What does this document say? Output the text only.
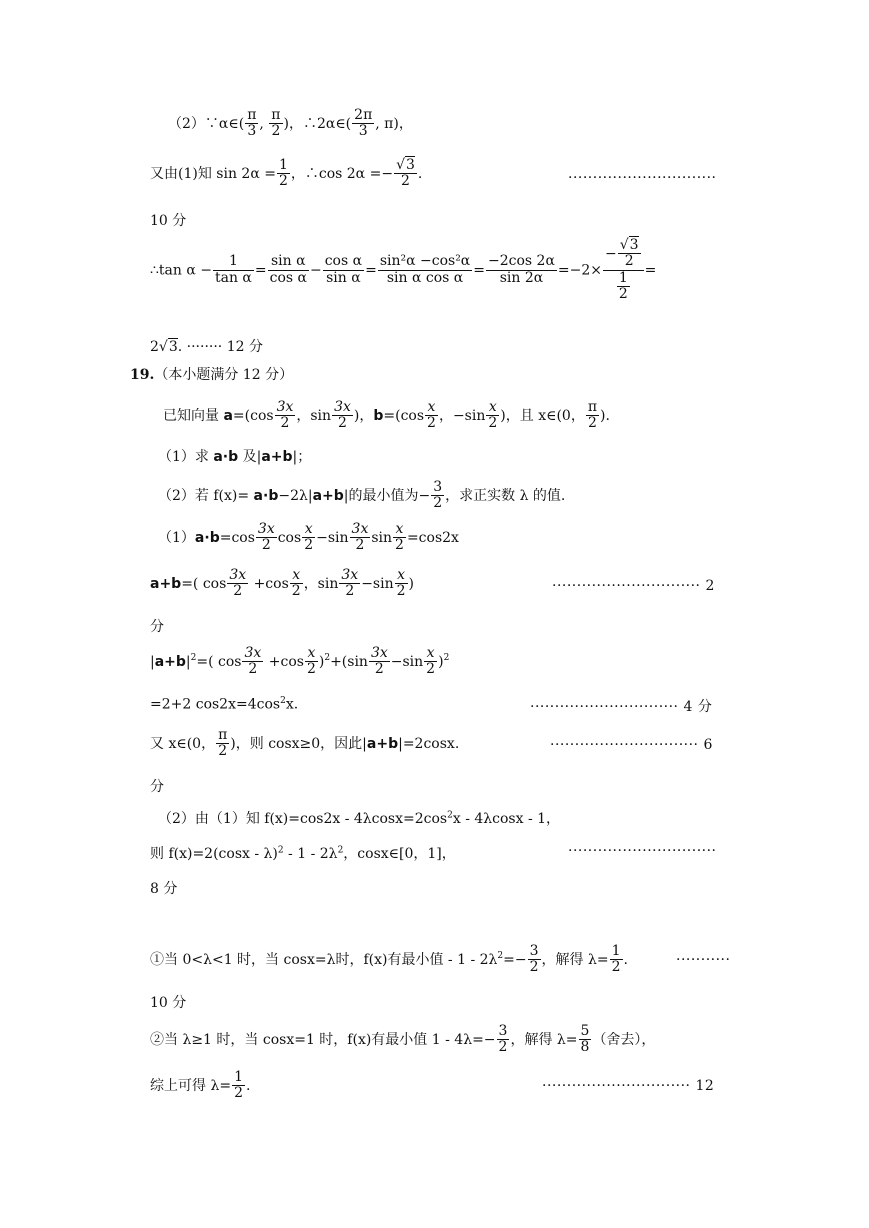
（2）∵α∈( $\frac{\pi}{3}$ , $\frac{\pi}{2}$ )，∴2α∈( $\frac{2\pi}{3}$ , π)，
又由(1)知 $\sin 2\alpha = \frac{1}{2}$ ，∴cos $2\alpha =- \frac{√3}{2}$ .	······························
10 分
∴tan $\alpha - \frac{1}{\text{tan α}} = \frac{\text{sin α}}{\text{cos α}} - \frac{\text{cos α}}{\text{sin α}} = \frac{\text{sin²α −cos²α}}{\text{sin α cos α}} = \frac{-2\cos 2\alpha}{\sin 2\alpha} =-2\times \frac{- \frac{√3}{2}}{\frac{1}{2}}$ =
2√3. ········ 12 分
19.（本小题满分 12 分）
已知向量 $a=(\cos \frac{3x}{2}$ ，$\sin \frac{3x}{2}$ )，$b=(\cos \frac{x}{2}$ ，$-\sin \frac{x}{2}$ )，且 x∈(0， $\frac{\pi}{2}$ ).
（1）求 a·b 及|a+b|；
（2）若 f(x)= a·b−2λ|a+b|的最小值为− $\frac{3}{2}$ ，求正实数 λ 的值.
$(1)a\cdot b=\cos \frac{3x}{2}$ $\cos \frac{x}{2} -\sin \frac{3x}{2}$ $\sin \frac{x}{2} =\cos 2x$
a+b=( $\cos \frac{3x}{2} +\cos \frac{x}{2}$ ，$\sin \frac{3x}{2} -\sin \frac{x}{2}$ )	······························ 2
分
$|a+b|^2=$( $\cos \frac{3x}{2} +\cos \frac{x}{2} )^2+(\sin \frac{3x}{2} -\sin \frac{x}{2} )^2$
=2+2 $\cos 2x=4\cos^2x$.	······························ 4 分
又 x∈(0， $\frac{\pi}{2}$ )，则 cosx≥0，因此|a+b|=2cosx.	······························ 6
分
（2）由（1）知 $f(x)=\cos 2x - 4\lambda\cos x=2\cos^2x - 4\lambda\cos x - 1$，
则 $f(x)=2(\cos x - \lambda)^2 - 1 - 2\lambda^2$，cosx∈[0，1]，	······························
8 分
①当 0<λ<1 时，当 cosx=λ时，f(x)有最小值 - $1 - 2\lambda^2=- \frac{3}{2}$ ，解得 $\lambda= \frac{1}{2}$ .	···········
10 分
②当 λ≥1 时，当 cosx=1 时，f(x)有最小值 $1 - 4\lambda=- \frac{3}{2}$ ，解得 $\lambda= \frac{5}{8}$ （舍去），
综上可得 $\lambda= \frac{1}{2}$ .	······························ 12
